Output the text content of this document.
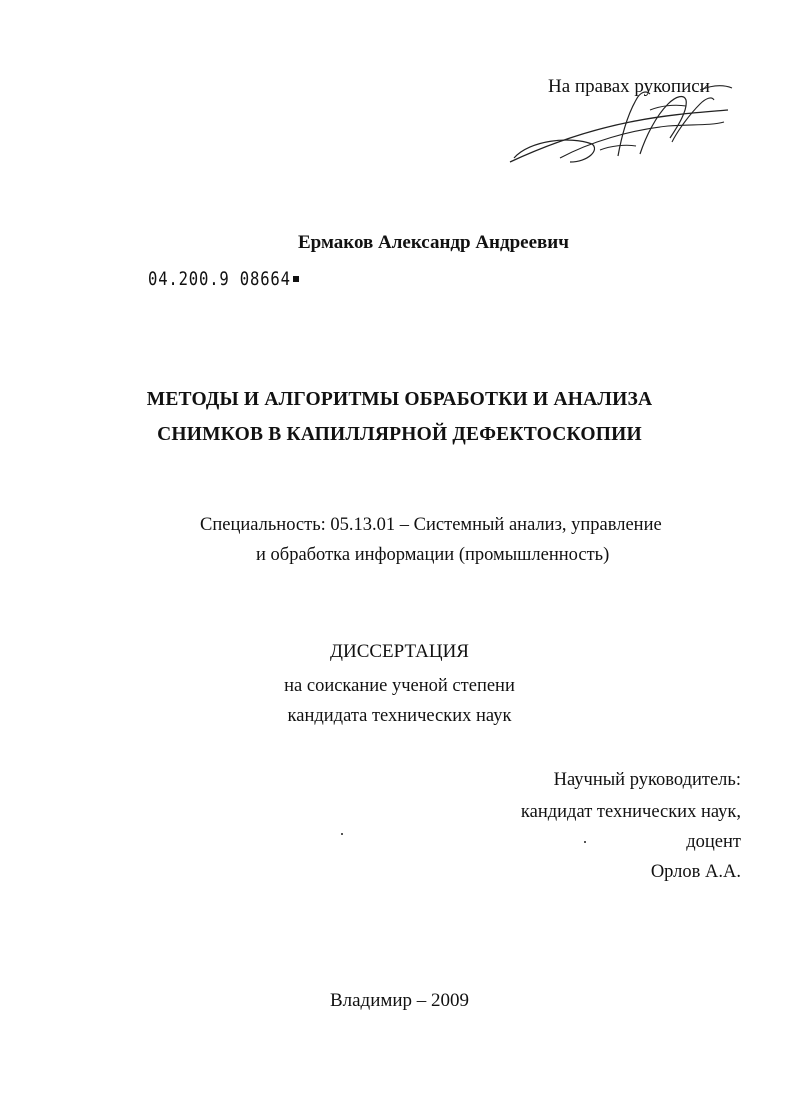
На правах рукописи
Ермаков Александр Андреевич
04.200.9 08664
МЕТОДЫ И АЛГОРИТМЫ ОБРАБОТКИ И АНАЛИЗА
СНИМКОВ В КАПИЛЛЯРНОЙ ДЕФЕКТОСКОПИИ
Специальность: 05.13.01 – Системный анализ, управление
и обработка информации (промышленность)
ДИССЕРТАЦИЯ
на соискание ученой степени
кандидата технических наук
Научный руководитель:
кандидат технических наук,
доцент
Орлов А.А.
Владимир – 2009
